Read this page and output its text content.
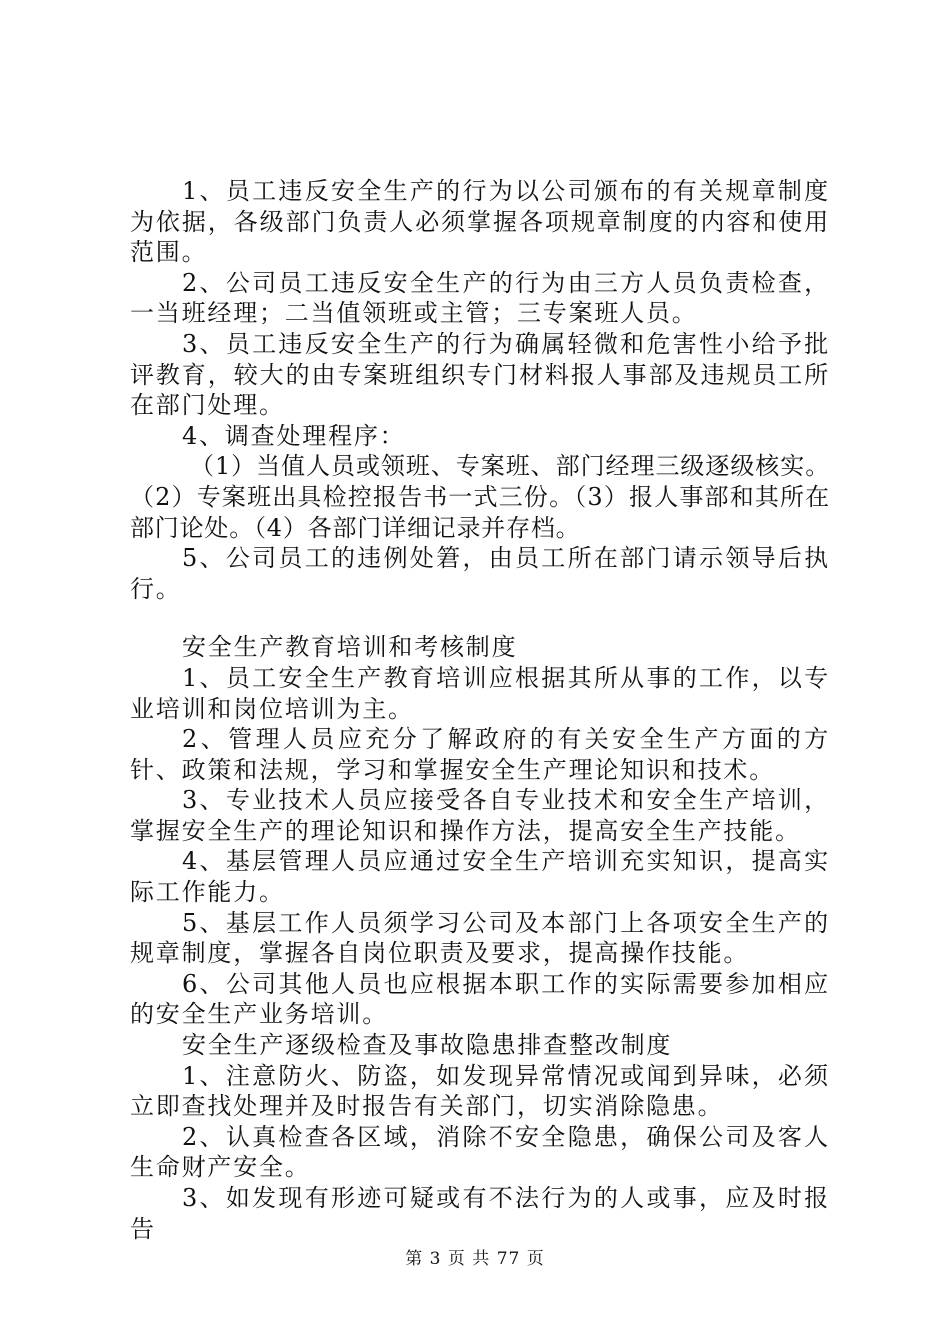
1、员工违反安全生产的行为以公司颁布的有关规章制度为依据，各级部门负责人必须掌握各项规章制度的内容和使用范围。

2、公司员工违反安全生产的行为由三方人员负责检查，一当班经理；二当值领班或主管；三专案班人员。

3、员工违反安全生产的行为确属轻微和危害性小给予批评教育，较大的由专案班组织专门材料报人事部及违规员工所在部门处理。

4、调查处理程序：

（1）当值人员或领班、专案班、部门经理三级逐级核实。（2）专案班出具检控报告书一式三份。（3）报人事部和其所在部门论处。（4）各部门详细记录并存档。

5、公司员工的违例处䇹，由员工所在部门请示领导后执行。

安全生产教育培训和考核制度

1、员工安全生产教育培训应根据其所从事的工作，以专业培训和岗位培训为主。

2、管理人员应充分了解政府的有关安全生产方面的方针、政策和法规，学习和掌握安全生产理论知识和技术。

3、专业技术人员应接受各自专业技术和安全生产培训，掌握安全生产的理论知识和操作方法，提高安全生产技能。

4、基层管理人员应通过安全生产培训充实知识，提高实际工作能力。

5、基层工作人员须学习公司及本部门上各项安全生产的规章制度，掌握各自岗位职责及要求，提高操作技能。

6、公司其他人员也应根据本职工作的实际需要参加相应的安全生产业务培训。

安全生产逐级检查及事故隐患排查整改制度

1、注意防火、防盗，如发现异常情况或闻到异味，必须立即查找处理并及时报告有关部门，切实消除隐患。

2、认真检查各区域，消除不安全隐患，确保公司及客人生命财产安全。

3、如发现有形迹可疑或有不法行为的人或事，应及时报告

第 3 页 共 77 页
